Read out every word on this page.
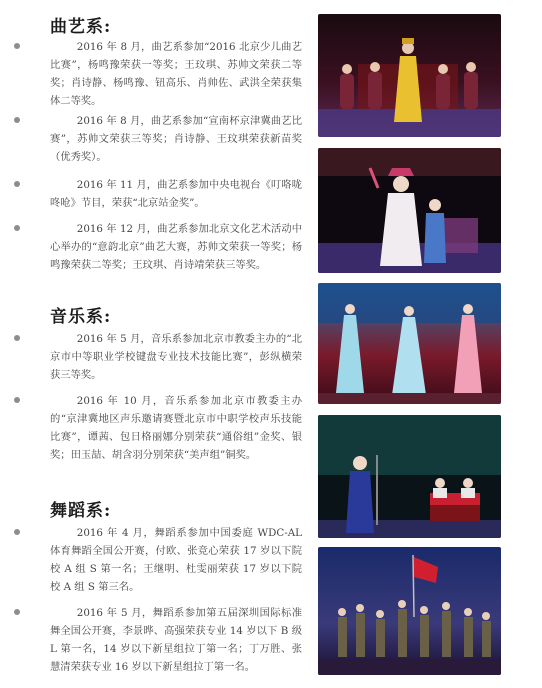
曲艺系:
2016 年 8 月，曲艺系参加“2016 北京少儿曲艺比赛”，杨鸣豫荣获一等奖；王玟琪、苏帅文荣获二等奖；肖诗静、杨鸣豫、钮高乐、肖帅佐、武洪全荣获集体二等奖。
2016 年 8 月，曲艺系参加“宣南杯京津冀曲艺比赛”，苏帅文荣获三等奖；肖诗静、王玟琪荣获新苗奖（优秀奖）。
2016 年 11 月，曲艺系参加中央电视台《叮咯咙咚呛》节目，荣获“北京站金奖”。
2016 年 12 月，曲艺系参加北京文化艺术活动中心举办的“意韵北京”曲艺大赛，苏帅文荣获一等奖；杨鸣豫荣获二等奖；王玟琪、肖诗靖荣获三等奖。
音乐系:
2016 年 5 月，音乐系参加北京市教委主办的“北京市中等职业学校键盘专业技术技能比赛”，彭纵横荣获三等奖。
2016 年 10 月，音乐系参加北京市教委主办的“京津冀地区声乐邀请赛暨北京市中职学校声乐技能比赛”，谭茜、包日格丽娜分别荣获“通俗组”金奖、银奖；田玉喆、胡含羽分别荣获“美声组”铜奖。
舞蹈系:
2016 年 4 月，舞蹈系参加中国委庭 WDC-AL 体育舞蹈全国公开赛，付欧、张竞心荣获 17 岁以下院校 A 组 S 第一名；王继明、杜雯丽荣获 17 岁以下院校 A 组 S 第三名。
2016 年 5 月，舞蹈系参加第五届深圳国际标准舞全国公开赛，李景晔、高强荣获专业 14 岁以下 B 级 L 第一名，14 岁以下新星组拉丁第一名；丁万胜、张慧清荣获专业 16 岁以下新星组拉丁第一名。
